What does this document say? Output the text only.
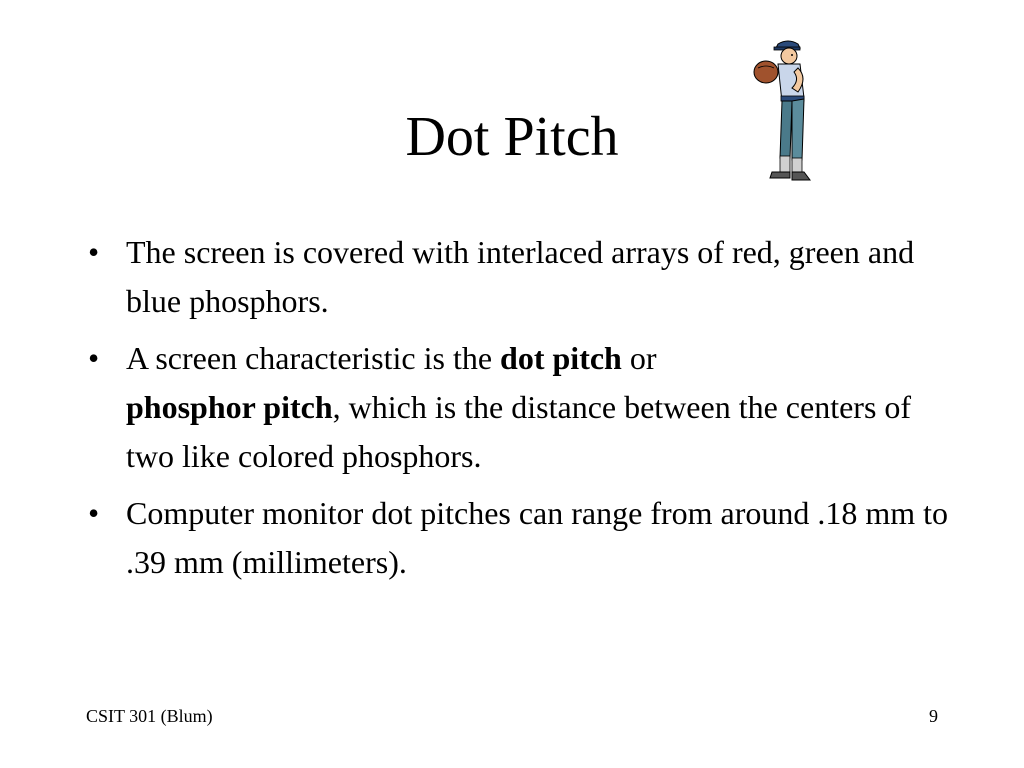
Dot Pitch
• The screen is covered with interlaced arrays of red, green and blue phosphors.
• A screen characteristic is the dot pitch or
phosphor pitch, which is the distance between the centers of two like colored phosphors.
• Computer monitor dot pitches can range from around .18 mm to .39 mm (millimeters).
CSIT 301 (Blum)	9
